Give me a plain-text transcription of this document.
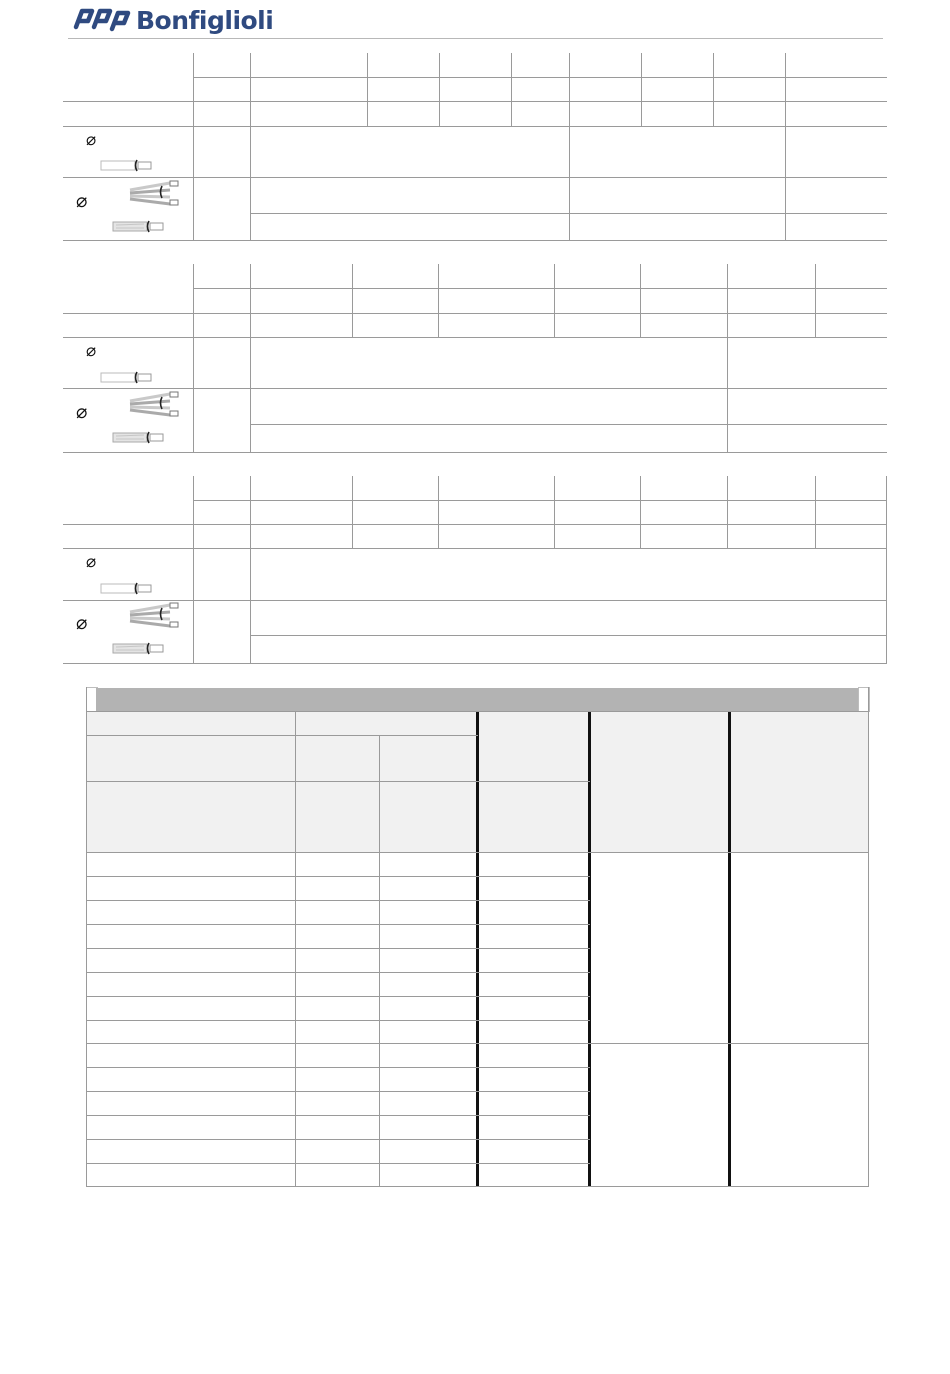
Bonfiglioli
⌀
⌀
⌀
⌀
⌀
⌀
